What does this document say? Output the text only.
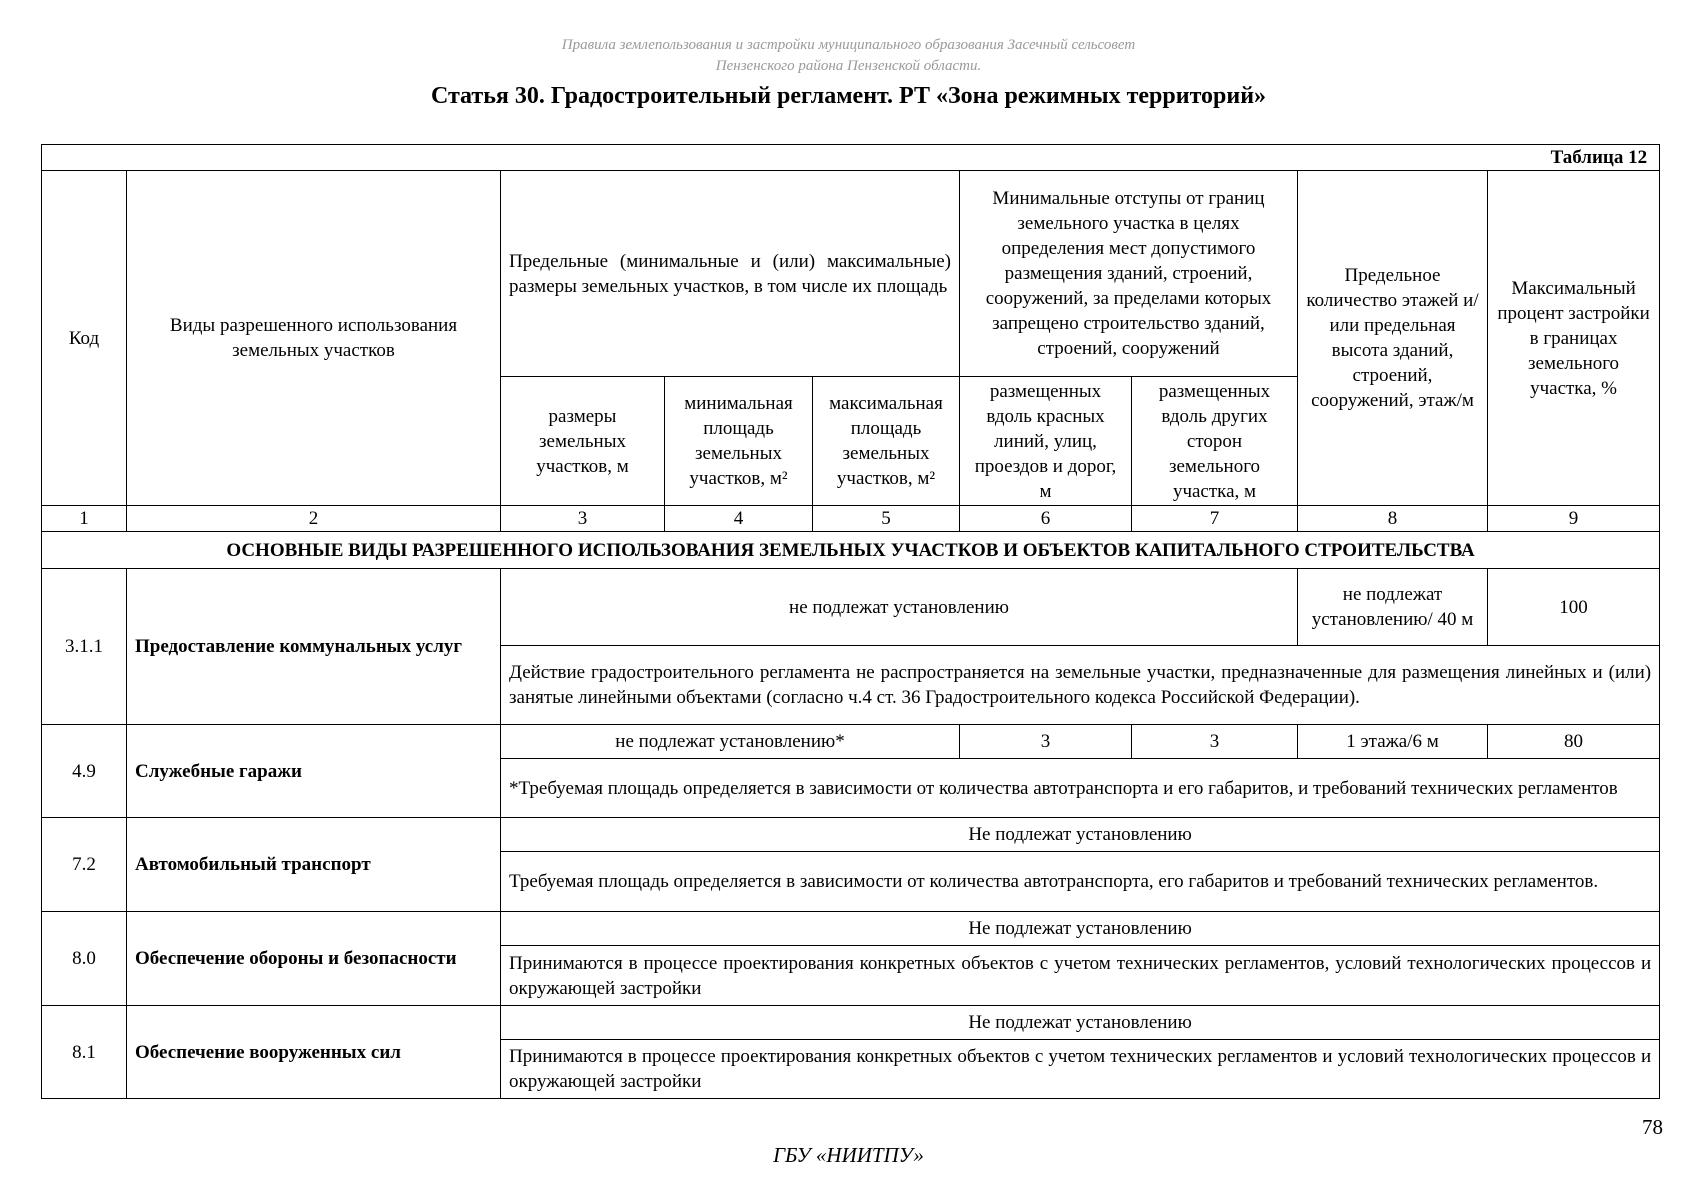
Правила землепользования и застройки муниципального образования Засечный сельсовет
Пензенского района Пензенской области.
Статья 30. Градостроительный регламент. РТ «Зона режимных территорий»
Таблица 12								
Код	Виды разрешенного использования земельных участков	Предельные (минимальные и (или) максимальные) размеры земельных участков, в том числе их площадь			Минимальные отступы от границ земельного участка в целях определения мест допустимого размещения зданий, строений, сооружений, за пределами которых запрещено строительство зданий, строений, сооружений		Предельное количество этажей и/или предельная высота зданий, строений, сооружений, этаж/м	Максимальный процент застройки в границах земельного участка, %
		размеры земельных участков, м	минимальная площадь земельных участков, м²	максимальная площадь земельных участков, м²	размещенных вдоль красных линий, улиц, проездов и дорог, м	размещенных вдоль других сторон земельного участка, м		
1	2	3	4	5	6	7	8	9
ОСНОВНЫЕ ВИДЫ РАЗРЕШЕННОГО ИСПОЛЬЗОВАНИЯ ЗЕМЕЛЬНЫХ УЧАСТКОВ И ОБЪЕКТОВ КАПИТАЛЬНОГО СТРОИТЕЛЬСТВА								
3.1.1	Предоставление коммунальных услуг	не подлежат установлению					не подлежат установлению/ 40 м	100
		Действие градостроительного регламента не распространяется на земельные участки, предназначенные для размещения линейных и (или) занятые линейными объектами (согласно ч.4 ст. 36 Градостроительного кодекса Российской Федерации).						
4.9	Служебные гаражи	не подлежат установлению*			3	3	1 этажа/6 м	80
		*Требуемая площадь определяется в зависимости от количества автотранспорта и его габаритов, и требований технических регламентов						
7.2	Автомобильный транспорт	Не подлежат установлению						
		Требуемая площадь определяется в зависимости от количества автотранспорта, его габаритов и требований технических регламентов.						
8.0	Обеспечение обороны и безопасности	Не подлежат установлению						
		Принимаются в процессе проектирования конкретных объектов с учетом технических регламентов, условий технологических процессов и окружающей застройки						
8.1	Обеспечение вооруженных сил	Не подлежат установлению						
		Принимаются в процессе проектирования конкретных объектов с учетом технических регламентов и условий технологических процессов и окружающей застройки						
78
ГБУ «НИИТПУ»
